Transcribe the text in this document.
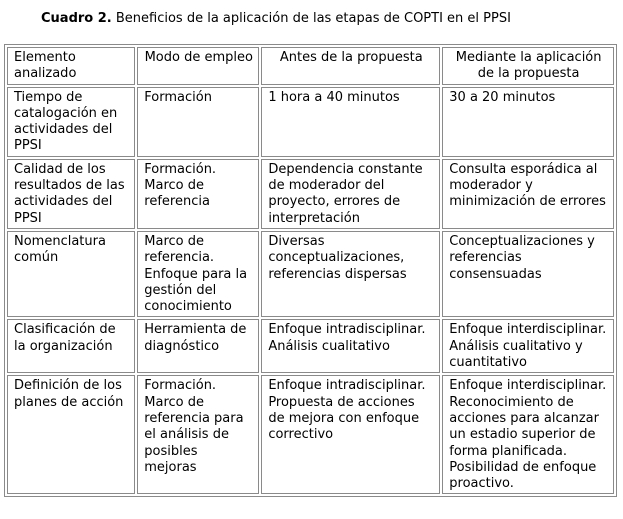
Cuadro 2. Beneficios de la aplicación de las etapas de COPTI en el PPSI
Elemento analizado	Modo de empleo	Antes de la propuesta	Mediante la aplicación de la propuesta
Tiempo de catalogación en actividades del PPSI	Formación	1 hora a 40 minutos	30 a 20 minutos
Calidad de los resultados de las actividades del PPSI	Formación. Marco de referencia	Dependencia constante de moderador del proyecto, errores de interpretación	Consulta esporádica al moderador y minimización de errores
Nomenclatura común	Marco de referencia. Enfoque para la gestión del conocimiento	Diversas conceptualizaciones, referencias dispersas	Conceptualizaciones y referencias consensuadas
Clasificación de la organización	Herramienta de diagnóstico	Enfoque intradisciplinar. Análisis cualitativo	Enfoque interdisciplinar. Análisis cualitativo y cuantitativo
Definición de los planes de acción	Formación. Marco de referencia para el análisis de posibles mejoras	Enfoque intradisciplinar. Propuesta de acciones de mejora con enfoque correctivo	Enfoque interdisciplinar. Reconocimiento de acciones para alcanzar un estadio superior de forma planificada. Posibilidad de enfoque proactivo.
